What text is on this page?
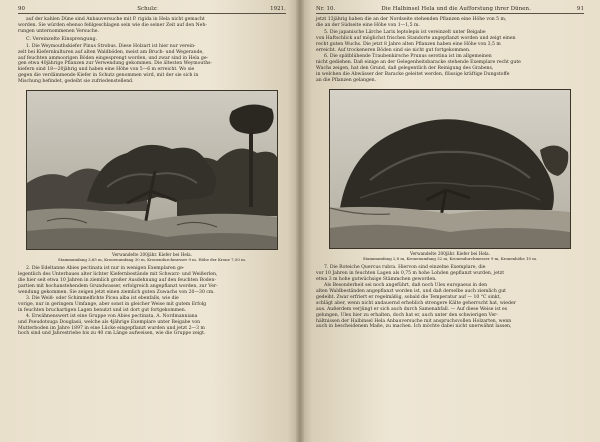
90	Schulz:	1921.
auf der kahlen Düne sind Anbauversuche mit P. rigida in Hela nicht gemacht
worden. Sie würden ebenso fehlgeschlagen sein wie die seiner Zeit auf den Neh-
rungen unternommenen Versuche.
C. Vereinzelte Einsprengung.
1. Die Weymouthskiefer Pinus Strobus. Diese Holzart ist hier nur verein-
zelt bei Kiefernkulturen auf alten Waldböden, meist am Bruch- und Wegerande,
auf feuchten ammoorigen Böden eingesprengt worden, und zwar sind in Hela ge-
gen etwa 40jährige Pflanzen zur Verwendung gekommen. Die ältesten Weymouths-
kiefern sind 18—20jährig und haben eine Höhe von 5—6 m erreicht. Wo sie
gegen die verdämmende Kiefer in Schutz genommen wird, mit der sie sich in
Mischung befindet, gedeiht sie zufriedenstellend.

Verwandelte 200jähr. Kiefer bei Hela.

Stammumfang 3,65 m, Kronenumfang 30 m, Kronendurchmesser 9 m. Höhe der Krone 7,50 m.

2. Die Edeltanne Abies pectinata ist nur in wenigen Exemplaren ge-
legentlich des Unterbaues alter lichter Kiefernbestände mit Schwarz- und Weißerlen,
die hier seit etwa 10 Jahren in ziemlich großer Ausdehnung auf den feuchten Boden-
partien mit hochanstehendem Grundwasser, erfolgreich angepflanzt worden, zur Ver-
wendung gekommen. Sie zeigen jetzt einen ziemlich guten Zuwachs von 20—30 cm.
3. Die Weiß- oder Schimmelfichte Picea alba ist ebenfalls, wie die
vorige, nur in geringem Umfange, aber sonst in gleicher Weise mit gutem Erfolg
in feuchten bruchartigen Lagen benutzt und ist dort gut fortgekommen.
4. Erwähnenswert ist eine Gruppe von Abies pectinata, A. Nordmanniana
und Pseudotsuga Douglasii, welche als 4jährige Exemplare unter Beigabe von
Mutterboden im Jahre 1897 in eine Lücke eingepflanzt wurden und jetzt 2—3 m
hoch sind und Jahrestriebe bis zu 40 cm Länge aufweisen, wie die Gruppe zeigt.
Nr. 10.	Die Halbinsel Hela und die Aufforstung ihrer Dünen.	91
jetzt 13jährig haben die an der Nordseite stehenden Pflanzen eine Höhe von 5 m,
die an der Südseite eine Höhe von 1—1,5 m.
5. Die japanische Lärche Larix leptolepis ist vereinzelt unter Beigabe
von Haftschlick auf möglichst frischen Standorte angepflanzt worden und zeigt einen
recht guten Wuchs. Die jetzt 8 Jahre alten Pflanzen haben eine Höhe von 3,5 m
erreicht. Auf trockeneren Böden sind sie nicht gut fortgekommen.
6. Die spätblühende Traubenkirsche Prunus serotina ist im allgemeinen
nicht gediehen. Daß einige an der Gelegenheitsbaracke stehende Exemplare recht gute
Wuchs zeigen, hat den Grund, daß gelegentlich der Reinigung des Grabens,
in welchen die Abwässer der Baracke geleitet werden, flüssige kräftige Dungstoffe
an die Pflanzen gelangen.

Verwandelte 200jähr. Kiefer bei Hela.

Stammumfang 2,8 m, Kronenumfang 32 m, Kronendurchmesser 9 m, Kronenhöhe 10 m.

7. Die Roteiche Quercus rubra. Hiervon sind einzelne Exemplare, die
vor 10 Jahren in feuchten Lagen als 0,75 m hohe Lohden gepflanzt wurden, jetzt
etwa 3 m hohe gutwüchsige Stämmchen geworden.
Als Besonderheit sei noch angeführt, daß noch Ulex europaeus in den
alten Waldbeständen angepflanzt worden ist, und daß derselbe auch ziemlich gut
gedeiht. Zwar erfriert er regelmäßig, sobald die Temperatur auf — 10 °C sinkt,
schlägt aber, wenn nicht andauernd erheblich strengere Kälte geherrscht hat, wieder
aus. Außerdem verjüngt er sich auch durch Samenabfall. — Auf diese Weise ist es
gelungen, Ulex hier zu erhalten, doch hat er, auch unter den schwierigen Ver-
hältnissen der Halbinsel Hela Anbauversuche mit anspruchsvollen Holzarten, wenn
auch in bescheidenem Maße, zu machen. Ich möchte dabei nicht unerwähnt lassen,
